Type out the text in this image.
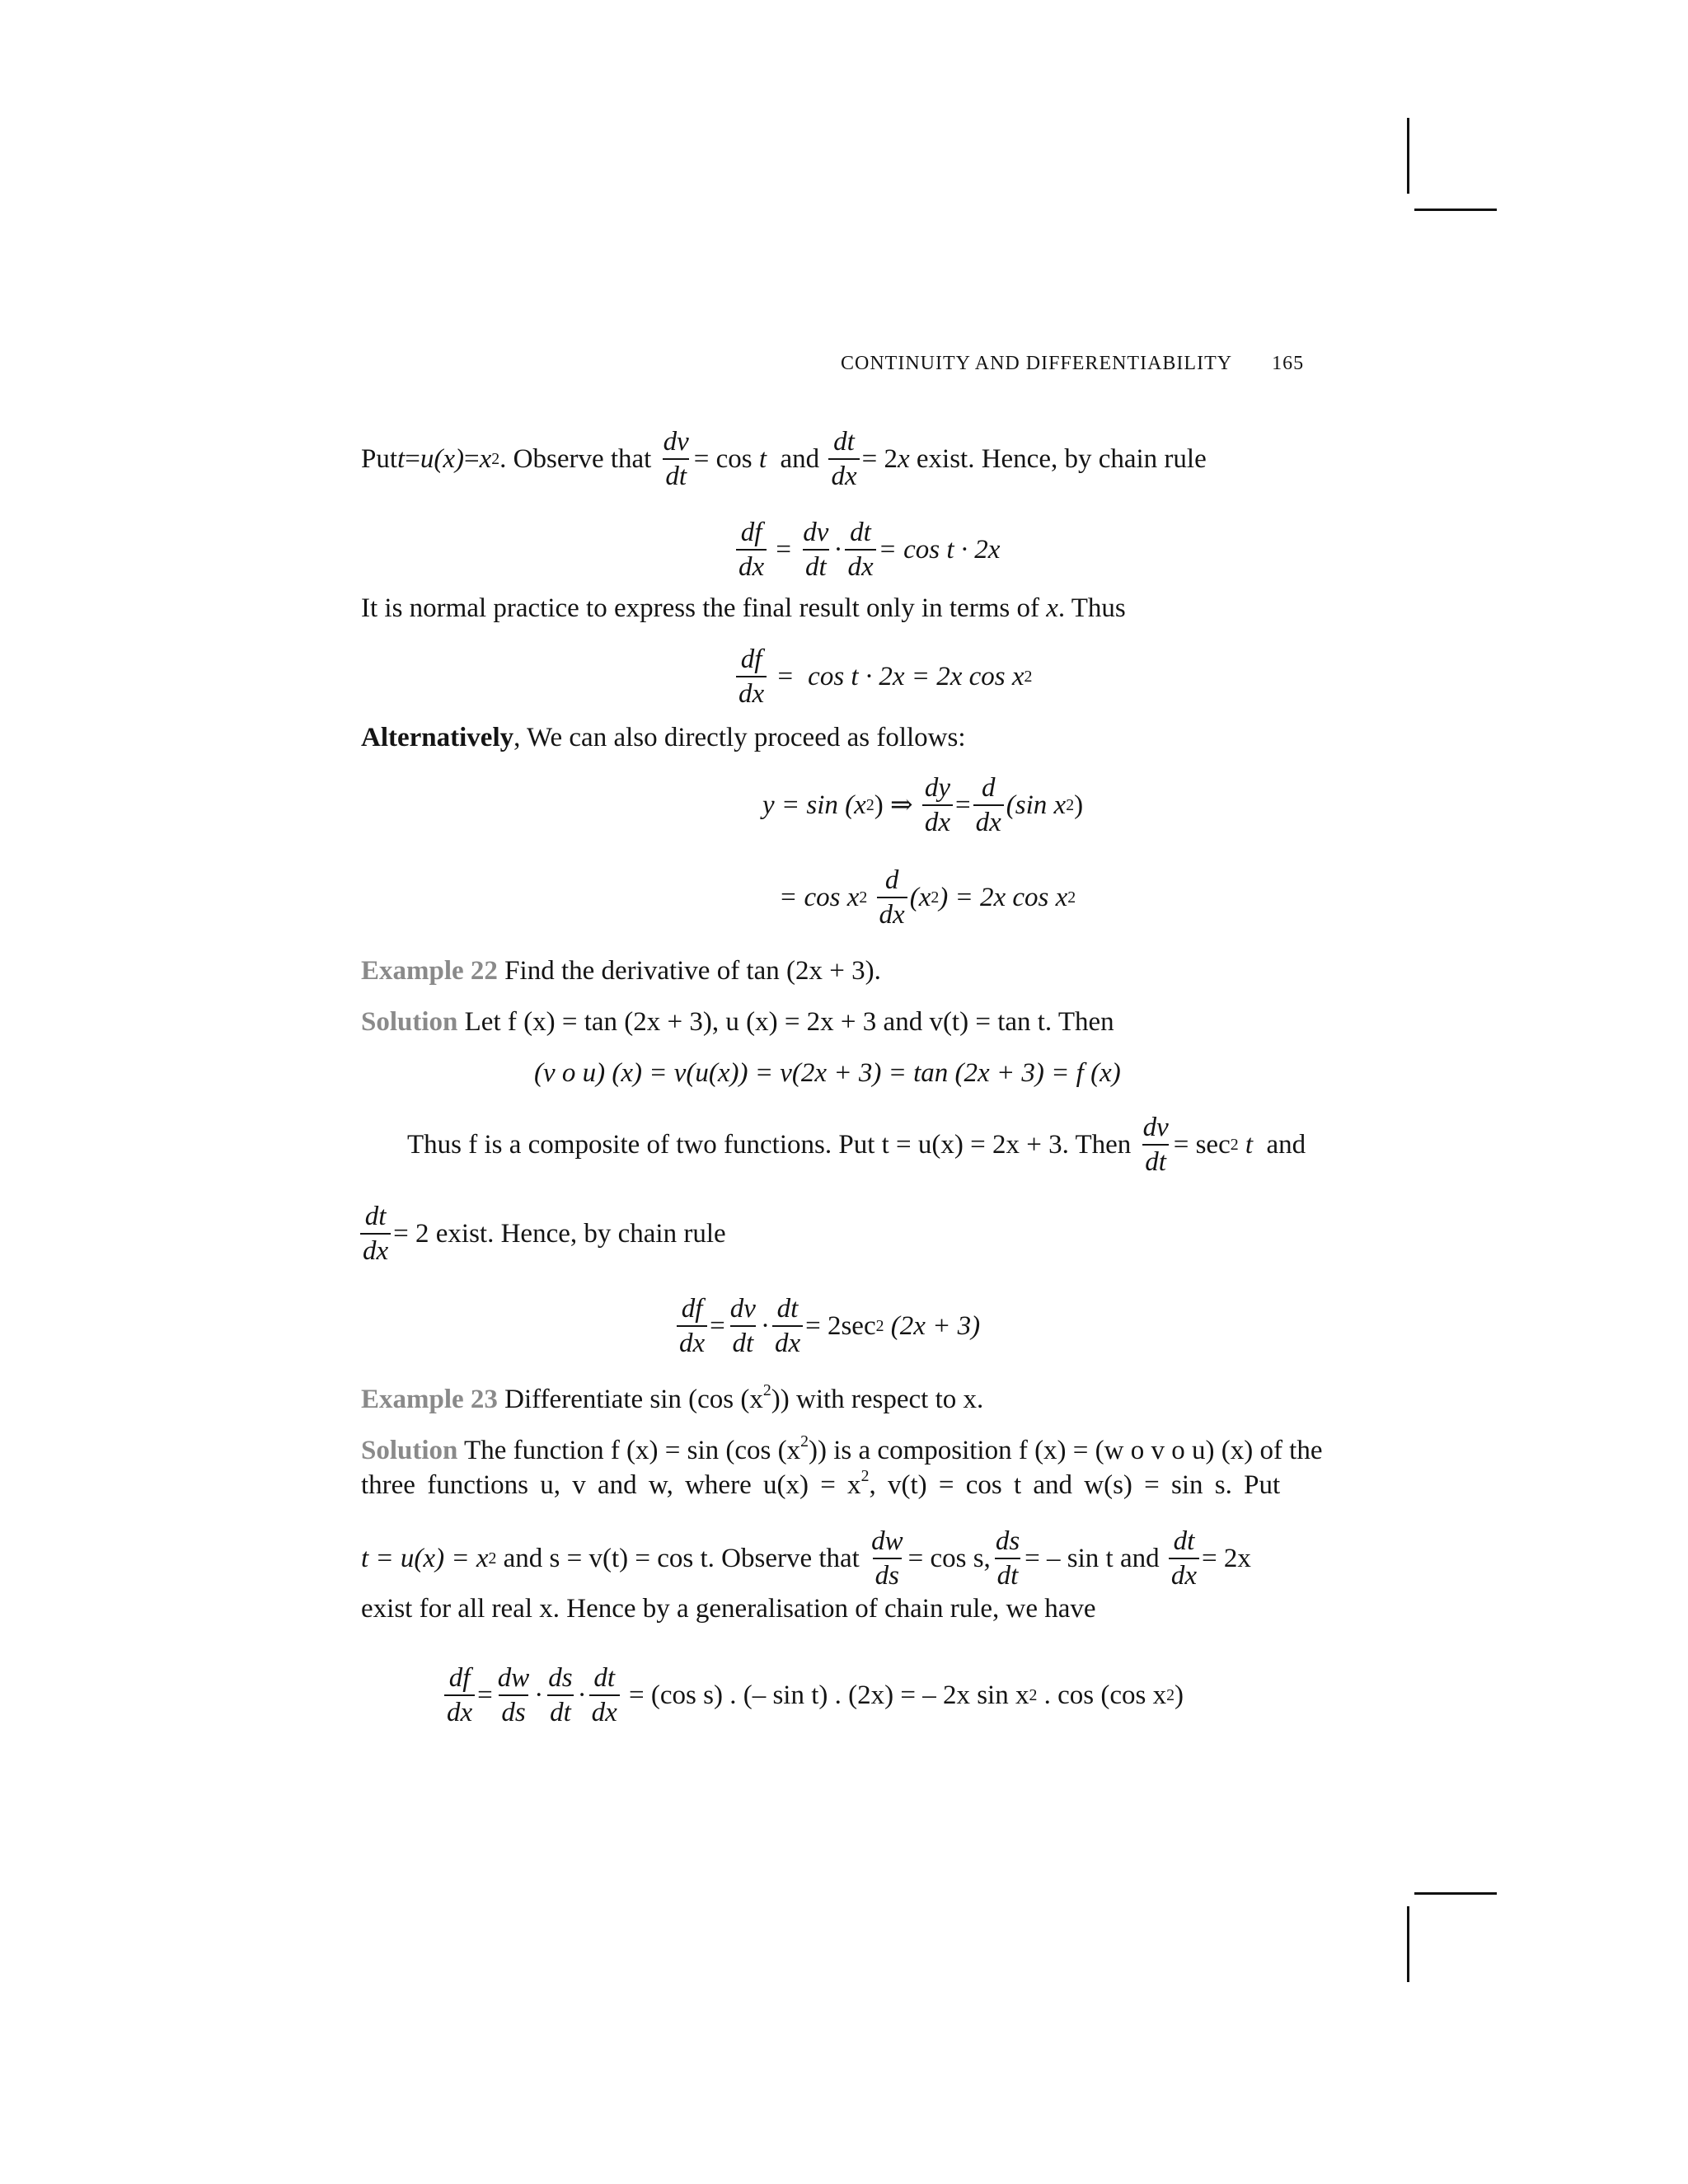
CONTINUITY AND DIFFERENTIABILITY 165
Put t = u (x) = x 2 . Observe that $\frac{dv}{dt} = \cos$
t and $\frac{dt}{dx} = 2$ x exist. Hence, by chain rule
$\frac{df}{dx} = \frac{dv}{dt} \cdot \frac{dt}{dx} = \cos t \cdot 2x$
It is normal practice to express the final result only in terms of x. Thus
$\frac{df}{dx} = \cos t \cdot 2x = 2x$ cos x 2
Alternatively, We can also directly proceed as follows:
y = sin (x 2 ) ⇒
$\frac{dy}{dx} = \frac{d}{dx} (\sin$ x 2 )
= cos x 2
$\frac{d}{dx} (x$ 2 ) = 2x cos x 2
Example 22 Find the derivative of tan (2x + 3).
Solution Let f (x) = tan (2x + 3), u (x) = 2x + 3 and v(t) = tan t. Then
(v o u) (x) = v(u(x)) = v(2x + 3) = tan (2x + 3) = f (x)
Thus f is a composite of two functions. Put t = u(x) = 2x + 3. Then
$\frac{dv}{dt} = \sec 2$ t and
$\frac{dt}{dx} = 2$ exist. Hence, by chain rule
$\frac{df}{dx} = \frac{dv}{dt} \cdot \frac{dt}{dx} = 2\sec$ 2 (2x + 3)
Example 23 Differentiate sin (cos $(x^2)$) with respect to x.
Solution The function f (x) = sin (cos $(x^2)$) is a composition f (x) = (w o v o u) (x) of the
three functions u, v and w, where $u(x) = x^2$, v(t) = cos t and w(s) = sin s. Put
t = u(x) = x 2 and s = v(t) = cos t. Observe that $\frac{dw}{ds} = \cos s$, $\frac{ds}{dt}$ = – sin t and $\frac{dt}{dx} = 2x$
exist for all real x. Hence by a generalisation of chain rule, we have
$\frac{df}{dx} = \frac{dw}{ds} \cdot \frac{ds}{dt} \cdot \frac{dt}{dx} = (\cos$ s) . (– sin t) . (2x) = – 2x sin x 2 . cos (cos x 2 )
